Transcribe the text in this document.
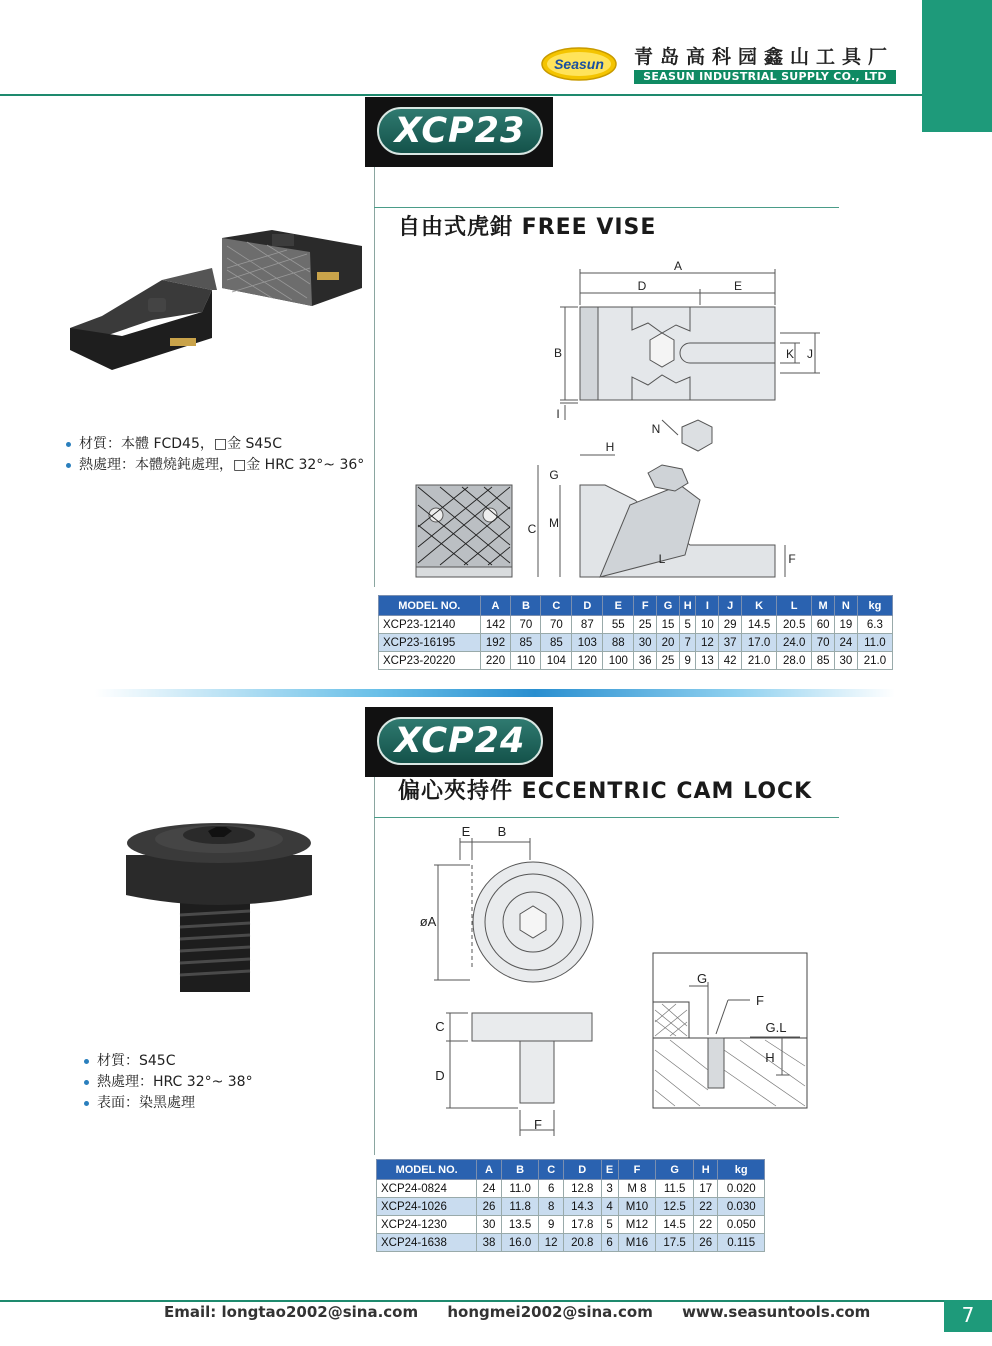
Seasun 青岛高科园鑫山工具厂
SEASUN INDUSTRIAL SUPPLY CO., LTD
XCP23
自由式虎鉗 FREE VISE
材質：本體 FCD45，□金 S45C
熱處理：本體燒鈍處理，□金 HRC 32°~ 36°
A
D	E
B	K J
I
N
H
G
C M
L	F
MODEL NO.	A	B	C	D	E	F	G	H	I	J	K	L	M	N	kg
XCP23-12140	142	70	70	87	55	25	15	5	10	29	14.5	20.5	60	19	6.3
XCP23-16195	192	85	85	103	88	30	20	7	12	37	17.0	24.0	70	24	11.0
XCP23-20220	220	110	104	120	100	36	25	9	13	42	21.0	28.0	85	30	21.0
XCP24
偏心夾持件 ECCENTRIC CAM LOCK
材質：S45C
熱處理：HRC 32°~ 38°
表面：染黑處理
E B
øA
C
D
F
G
F
G.L
H
MODEL NO.	A	B	C	D	E	F	G	H	kg
XCP24-0824	24	11.0	6	12.8	3	M 8	11.5	17	0.020
XCP24-1026	26	11.8	8	14.3	4	M10	12.5	22	0.030
XCP24-1230	30	13.5	9	17.8	5	M12	14.5	22	0.050
XCP24-1638	38	16.0	12	20.8	6	M16	17.5	26	0.115
Email: longtao2002@sina.com hongmei2002@sina.com www.seasuntools.com	7
